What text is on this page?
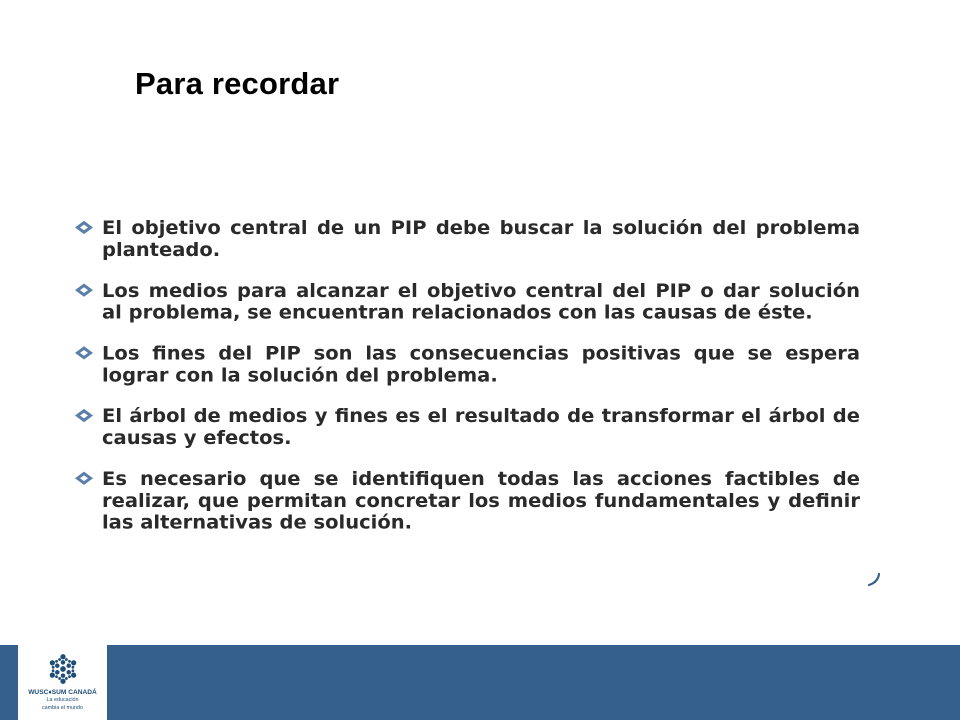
Para recordar
El objetivo central de un PIP debe buscar la solución del problema planteado.
Los medios para alcanzar el objetivo central del PIP o dar solución al problema, se encuentran relacionados con las causas de éste.
Los fines del PIP son las consecuencias positivas que se espera lograr con la solución del problema.
El árbol de medios y fines es el resultado de transformar el árbol de causas y efectos.
Es necesario que se identifiquen todas las acciones factibles de realizar, que permitan concretar los medios fundamentales y definir las alternativas de solución.
WUSC♦SUM CANADÁ
La educación
cambia el mundo
